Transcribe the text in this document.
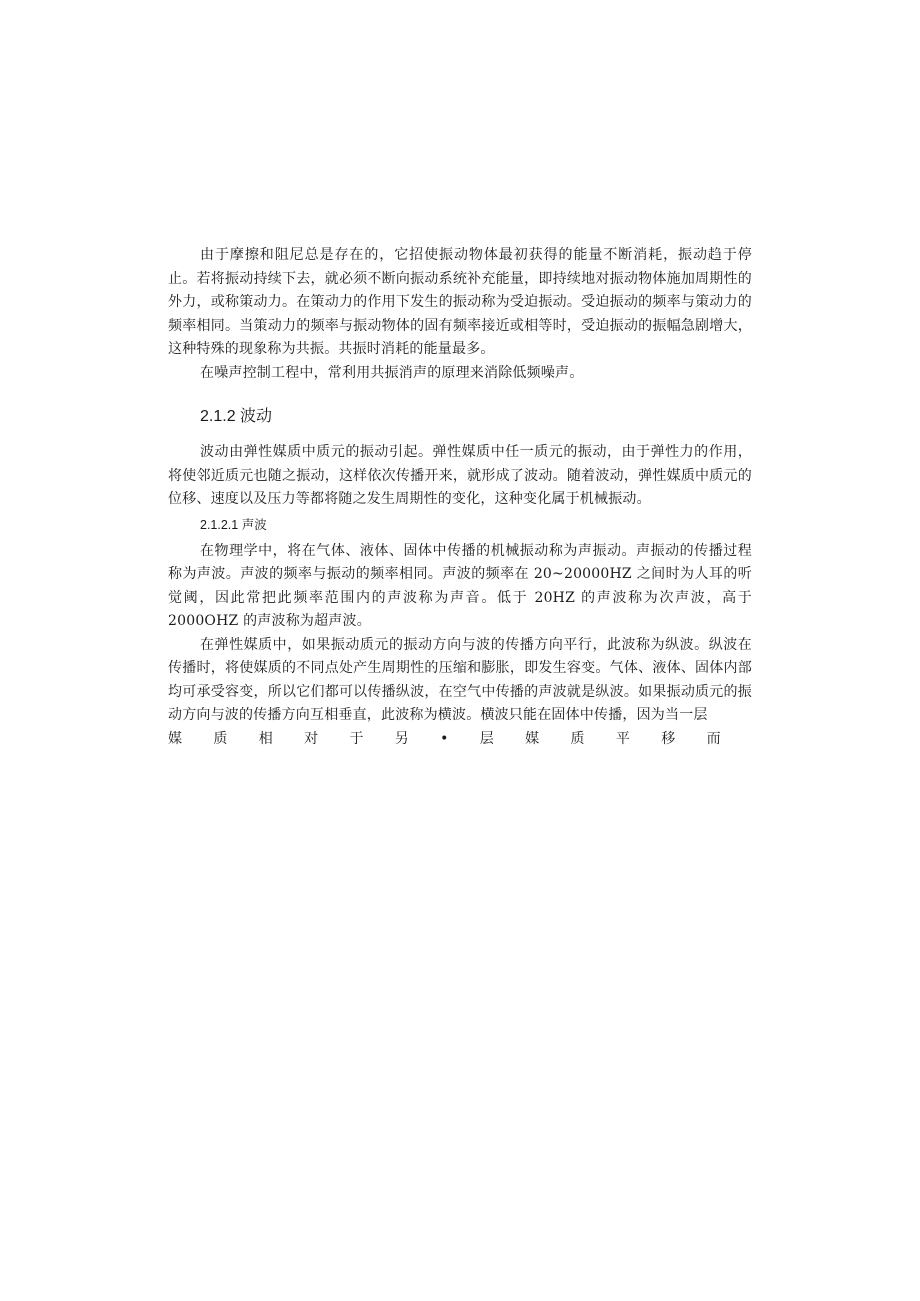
由于摩擦和阻尼总是存在的，它招使振动物体最初获得的能量不断消耗，振动趋于停止。若将振动持续下去，就必须不断向振动系统补充能量，即持续地对振动物体施加周期性的外力，或称策动力。在策动力的作用下发生的振动称为受迫振动。受迫振动的频率与策动力的频率相同。当策动力的频率与振动物体的固有频率接近或相等时，受迫振动的振幅急剧增大，这种特殊的现象称为共振。共振时消耗的能量最多。

在噪声控制工程中，常利用共振消声的原理来消除低频噪声。

2.1.2 波动

波动由弹性媒质中质元的振动引起。弹性媒质中任一质元的振动，由于弹性力的作用，将使邻近质元也随之振动，这样依次传播开来，就形成了波动。随着波动，弹性媒质中质元的位移、速度以及压力等都将随之发生周期性的变化，这种变化属于机械振动。

2.1.2.1 声波

在物理学中，将在气体、液体、固体中传播的机械振动称为声振动。声振动的传播过程称为声波。声波的频率与振动的频率相同。声波的频率在 20~20000HZ 之间时为人耳的听觉阈，因此常把此频率范围内的声波称为声音。低于 20HZ 的声波称为次声波，高于 2000OHZ 的声波称为超声波。

在弹性媒质中，如果振动质元的振动方向与波的传播方向平行，此波称为纵波。纵波在传播时，将使媒质的不同点处产生周期性的压缩和膨胀，即发生容变。气体、液体、固体内部均可承受容变，所以它们都可以传播纵波，在空气中传播的声波就是纵波。如果振动质元的振动方向与波的传播方向互相垂直，此波称为横波。横波只能在固体中传播，因为当一层

媒 质 相 对 于 另 • 层 媒 质 平 移 而
